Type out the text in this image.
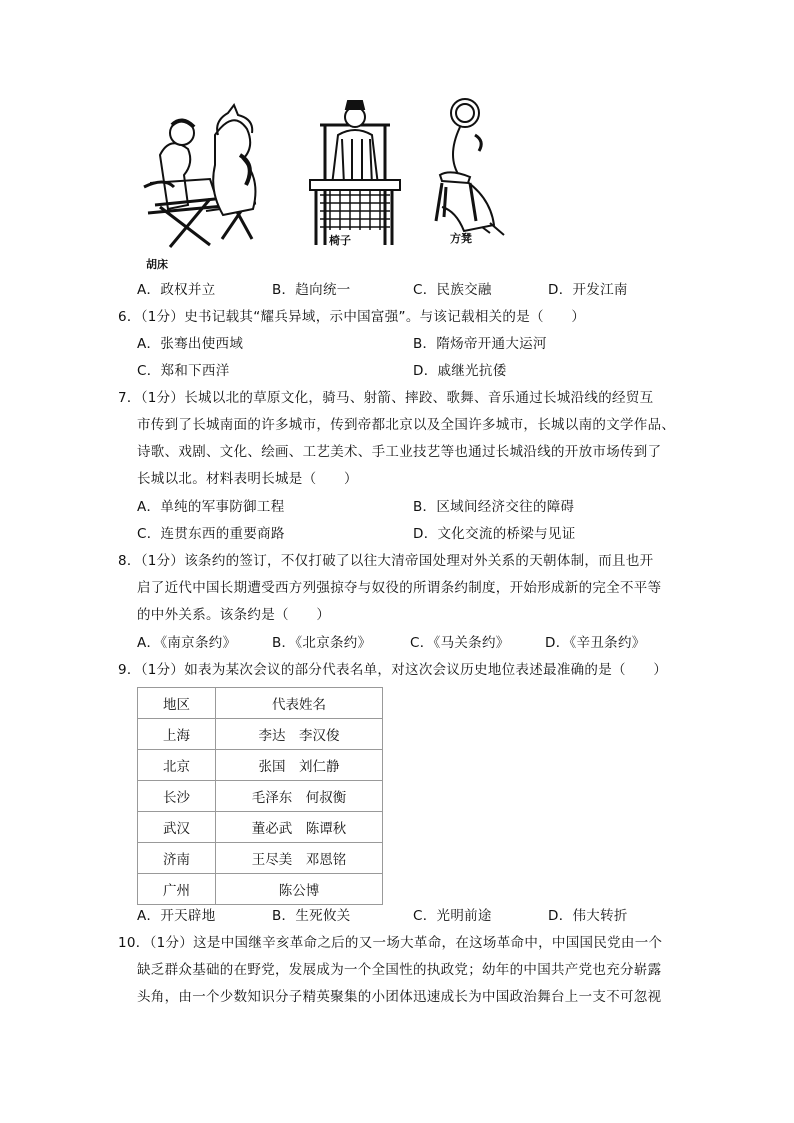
胡床
椅子	方凳
A．政权并立	B．趋向统一	C．民族交融	D．开发江南
6．（1分）史书记载其“耀兵异域，示中国富强”。与该记载相关的是（　　）
A．张骞出使西域	B．隋炀帝开通大运河
C．郑和下西洋	D．戚继光抗倭
7．（1分）长城以北的草原文化，骑马、射箭、摔跤、歌舞、音乐通过长城沿线的经贸互
市传到了长城南面的许多城市，传到帝都北京以及全国许多城市，长城以南的文学作品、
诗歌、戏剧、文化、绘画、工艺美术、手工业技艺等也通过长城沿线的开放市场传到了
长城以北。材料表明长城是（　　）
A．单纯的军事防御工程	B．区域间经济交往的障碍
C．连贯东西的重要商路	D．文化交流的桥梁与见证
8．（1分）该条约的签订，不仅打破了以往大清帝国处理对外关系的天朝体制，而且也开
启了近代中国长期遭受西方列强掠夺与奴役的所谓条约制度，开始形成新的完全不平等
的中外关系。该条约是（　　）
A．《南京条约》	B．《北京条约》	C．《马关条约》	D．《辛丑条约》
9．（1分）如表为某次会议的部分代表名单，对这次会议历史地位表述最准确的是（　　）
地区	代表姓名
上海	李达　李汉俊
北京	张国　刘仁静
长沙	毛泽东　何叔衡
武汉	董必武　陈谭秋
济南	王尽美　邓恩铭
广州	陈公博
A．开天辟地	B．生死攸关	C．光明前途	D．伟大转折
10．（1分）这是中国继辛亥革命之后的又一场大革命，在这场革命中，中国国民党由一个
缺乏群众基础的在野党，发展成为一个全国性的执政党；幼年的中国共产党也充分崭露
头角，由一个少数知识分子精英聚集的小团体迅速成长为中国政治舞台上一支不可忽视
